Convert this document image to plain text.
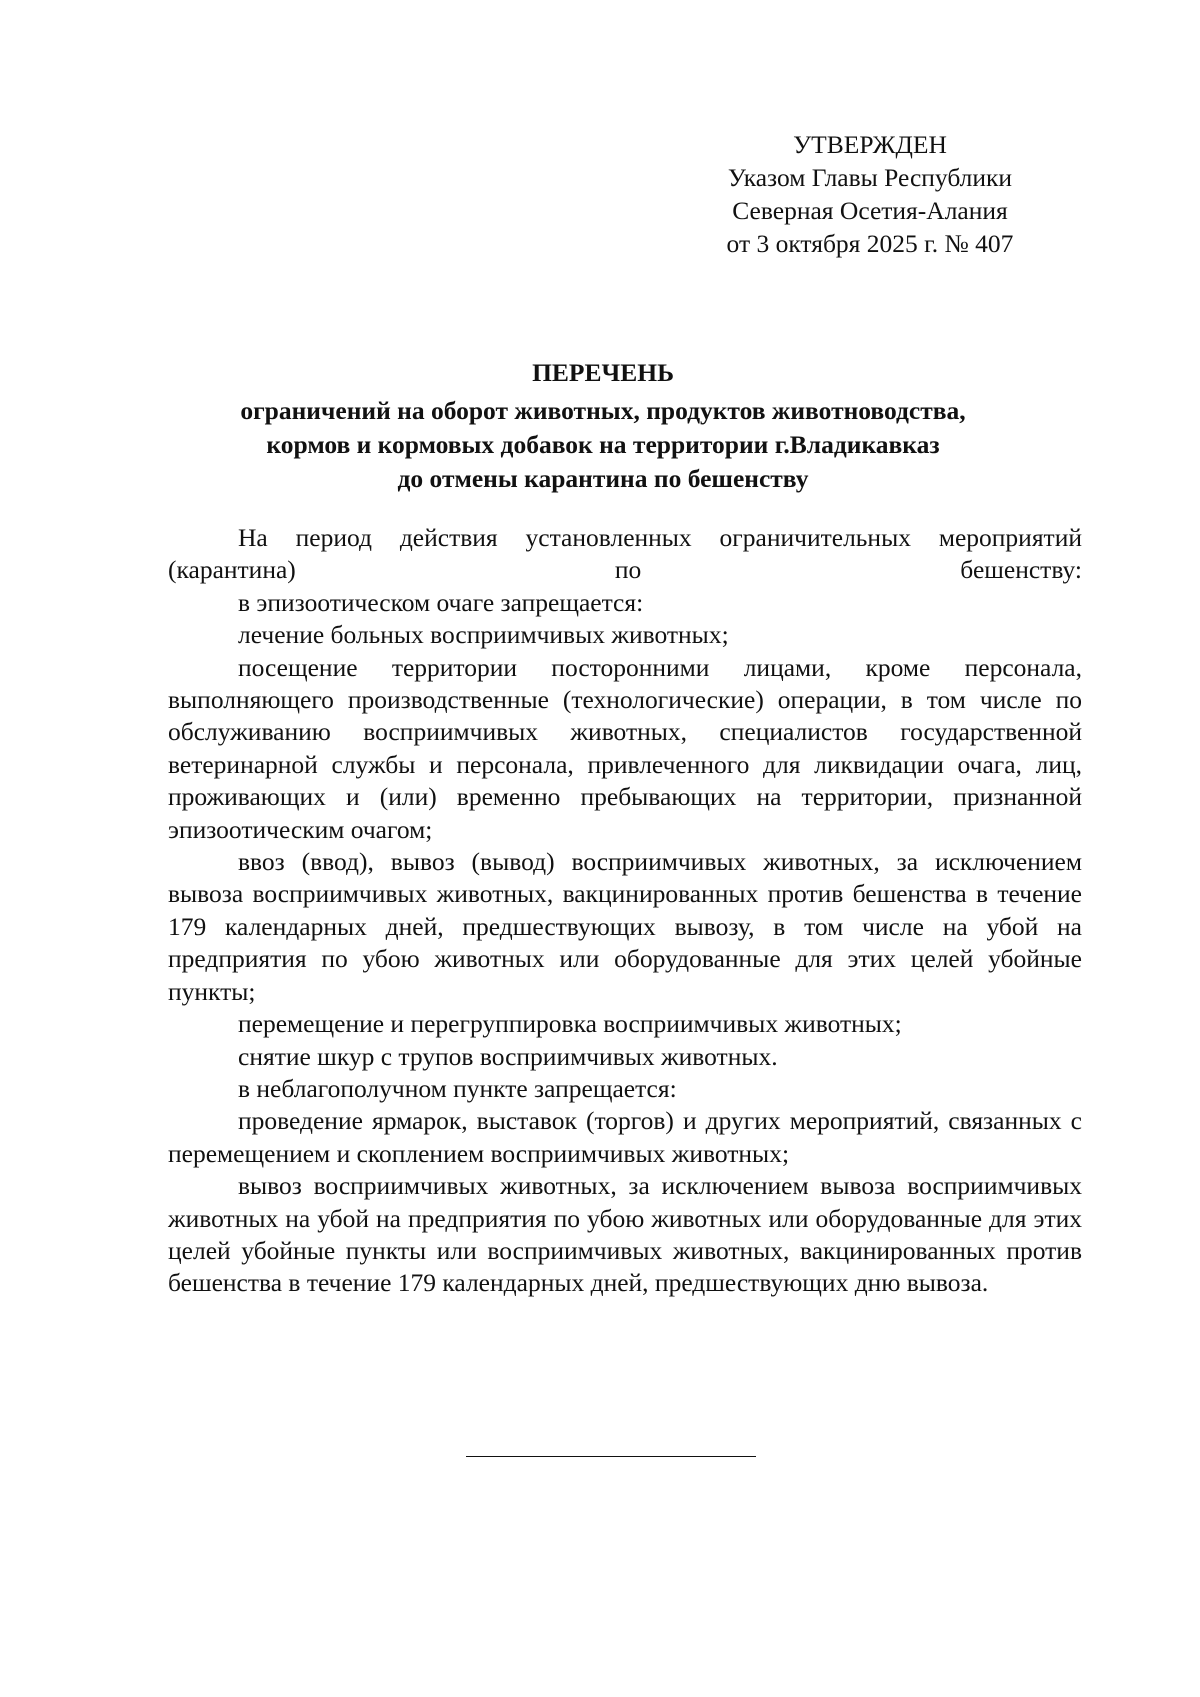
УТВЕРЖДЕН
Указом Главы Республики
Северная Осетия-Алания
от 3 октября 2025 г. № 407
ПЕРЕЧЕНЬ
ограничений на оборот животных, продуктов животноводства,
кормов и кормовых добавок на территории г.Владикавказ
до отмены карантина по бешенству

На период действия установленных ограничительных мероприятий (карантина) по бешенству:

в эпизоотическом очаге запрещается:

лечение больных восприимчивых животных;

посещение территории посторонними лицами, кроме персонала, выполняющего производственные (технологические) операции, в том числе по обслуживанию восприимчивых животных, специалистов государственной ветеринарной службы и персонала, привлеченного для ликвидации очага, лиц, проживающих и (или) временно пребывающих на территории, признанной эпизоотическим очагом;

ввоз (ввод), вывоз (вывод) восприимчивых животных, за исключением вывоза восприимчивых животных, вакцинированных против бешенства в течение 179 календарных дней, предшествующих вывозу, в том числе на убой на предприятия по убою животных или оборудованные для этих целей убойные пункты;

перемещение и перегруппировка восприимчивых животных;

снятие шкур с трупов восприимчивых животных.

в неблагополучном пункте запрещается:

проведение ярмарок, выставок (торгов) и других мероприятий, связанных с перемещением и скоплением восприимчивых животных;

вывоз восприимчивых животных, за исключением вывоза восприимчивых животных на убой на предприятия по убою животных или оборудованные для этих целей убойные пункты или восприимчивых животных, вакцинированных против бешенства в течение 179 календарных дней, предшествующих дню вывоза.
